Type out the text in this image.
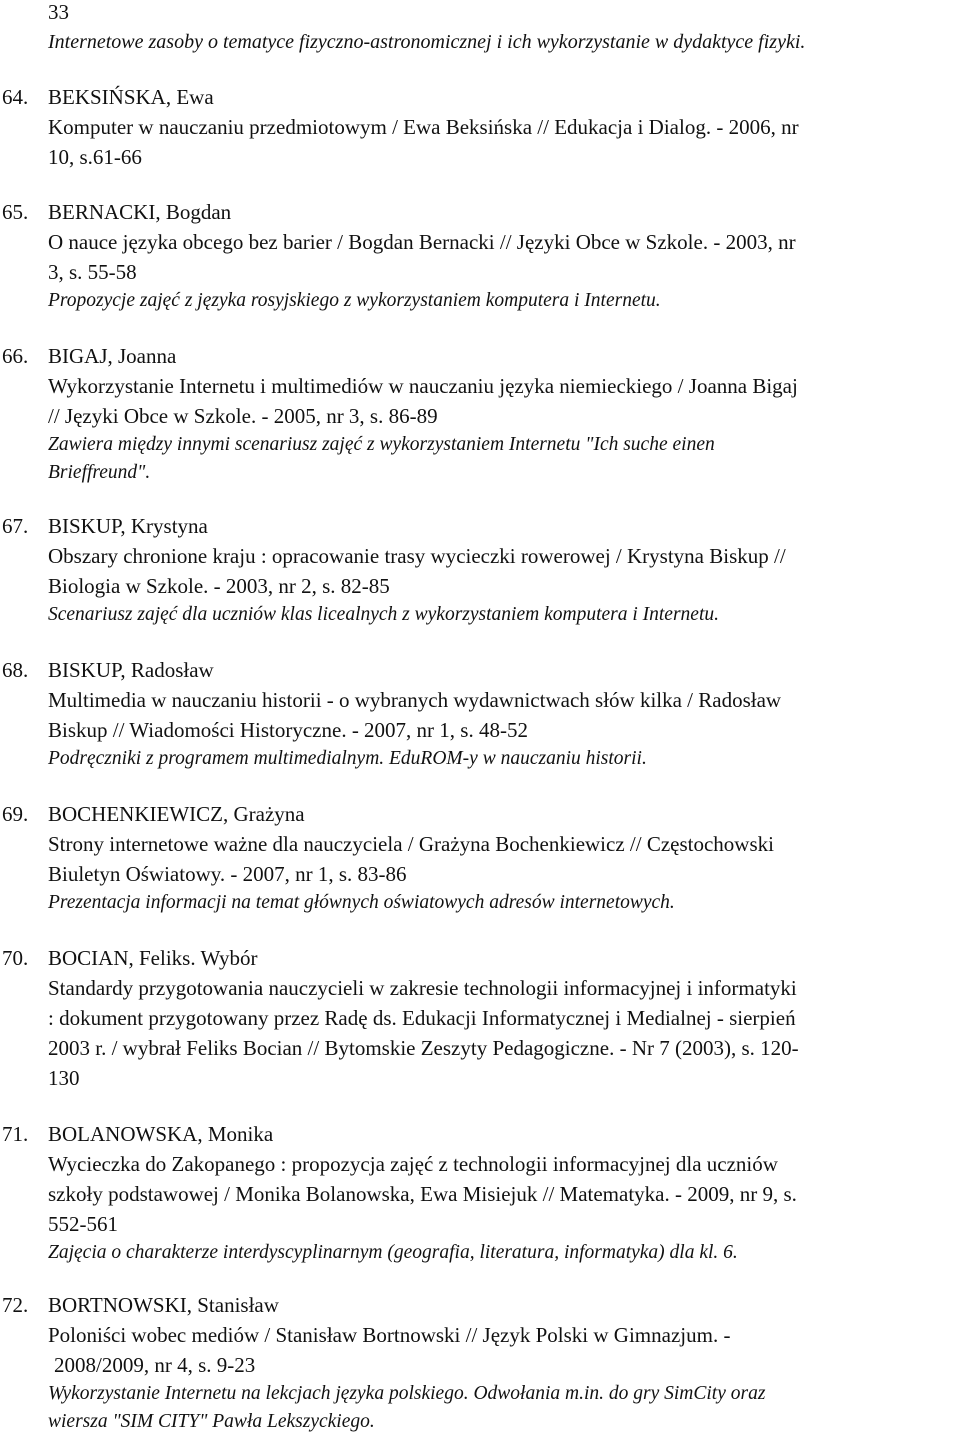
33
Internetowe zasoby o tematyce fizyczno-astronomicznej i ich wykorzystanie w dydaktyce fizyki.
64. BEKSIŃSKA, Ewa
Komputer w nauczaniu przedmiotowym / Ewa Beksińska // Edukacja i Dialog. - 2006, nr
10, s.61-66
65. BERNACKI, Bogdan
O nauce języka obcego bez barier / Bogdan Bernacki // Języki Obce w Szkole. - 2003, nr
3, s. 55-58
Propozycje zajęć z języka rosyjskiego z wykorzystaniem komputera i Internetu.
66. BIGAJ, Joanna
Wykorzystanie Internetu i multimediów w nauczaniu języka niemieckiego / Joanna Bigaj
// Języki Obce w Szkole. - 2005, nr 3, s. 86-89
Zawiera między innymi scenariusz zajęć z wykorzystaniem Internetu "Ich suche einen
Brieffreund".
67. BISKUP, Krystyna
Obszary chronione kraju : opracowanie trasy wycieczki rowerowej / Krystyna Biskup //
Biologia w Szkole. - 2003, nr 2, s. 82-85
Scenariusz zajęć dla uczniów klas licealnych z wykorzystaniem komputera i Internetu.
68. BISKUP, Radosław
Multimedia w nauczaniu historii - o wybranych wydawnictwach słów kilka / Radosław
Biskup // Wiadomości Historyczne. - 2007, nr 1, s. 48-52
Podręczniki z programem multimedialnym. EduROM-y w nauczaniu historii.
69. BOCHENKIEWICZ, Grażyna
Strony internetowe ważne dla nauczyciela / Grażyna Bochenkiewicz // Częstochowski
Biuletyn Oświatowy. - 2007, nr 1, s. 83-86
Prezentacja informacji na temat głównych oświatowych adresów internetowych.
70. BOCIAN, Feliks. Wybór
Standardy przygotowania nauczycieli w zakresie technologii informacyjnej i informatyki
: dokument przygotowany przez Radę ds. Edukacji Informatycznej i Medialnej - sierpień
2003 r. / wybrał Feliks Bocian // Bytomskie Zeszyty Pedagogiczne. - Nr 7 (2003), s. 120-
130
71. BOLANOWSKA, Monika
Wycieczka do Zakopanego : propozycja zajęć z technologii informacyjnej dla uczniów
szkoły podstawowej / Monika Bolanowska, Ewa Misiejuk // Matematyka. - 2009, nr 9, s.
552-561
Zajęcia o charakterze interdyscyplinarnym (geografia, literatura, informatyka) dla kl. 6.
72. BORTNOWSKI, Stanisław
Poloniści wobec mediów / Stanisław Bortnowski // Język Polski w Gimnazjum. -
2008/2009, nr 4, s. 9-23
Wykorzystanie Internetu na lekcjach języka polskiego. Odwołania m.in. do gry SimCity oraz
wiersza "SIM CITY" Pawła Lekszyckiego.
